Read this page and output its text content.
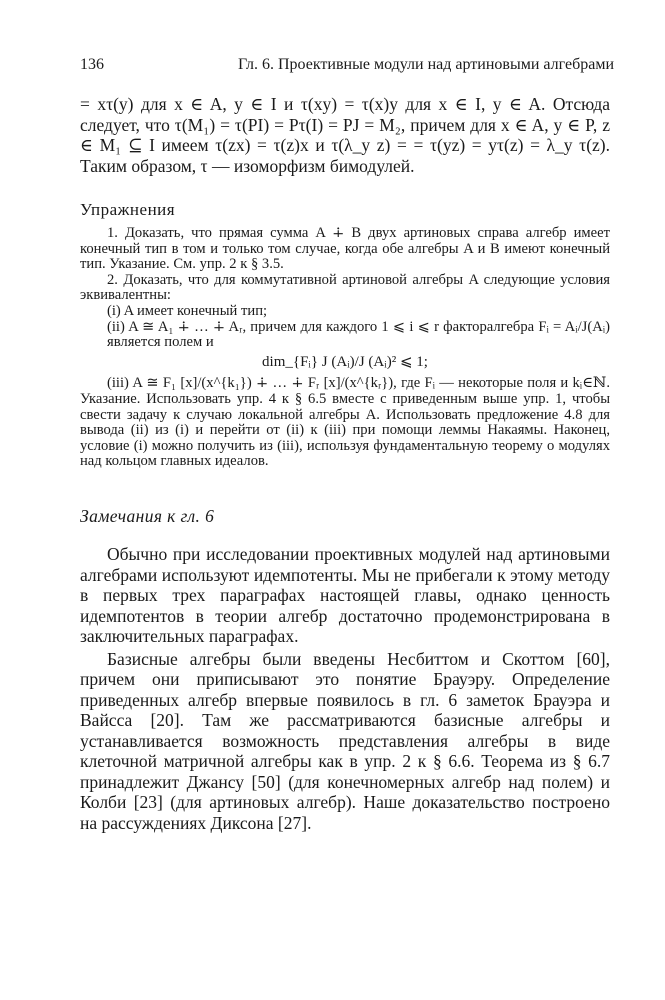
136	Гл. 6. Проективные модули над артиновыми алгебрами

= xτ(y) для x ∈ A, y ∈ I и τ(xy) = τ(x)y для x ∈ I, y ∈ A. Отсюда следует, что τ(M₁) = τ(PI) = Pτ(I) = PJ = M₂, причем для x ∈ A, y ∈ P, z ∈ M₁ ⊆ I имеем τ(zx) = τ(z)x и τ(λ_y z) = = τ(yz) = yτ(z) = λ_y τ(z). Таким образом, τ — изоморфизм бимодулей.

Упражнения

1. Доказать, что прямая сумма A ∔ B двух артиновых справа алгебр имеет конечный тип в том и только том случае, когда обе алгебры A и B имеют конечный тип. Указание. См. упр. 2 к § 3.5.

2. Доказать, что для коммутативной артиновой алгебры A следующие условия эквивалентны:

(i) A имеет конечный тип;

(ii) A ≅ A₁ ∔ … ∔ Aᵣ, причем для каждого 1 ⩽ i ⩽ r факторалгебра Fᵢ = Aᵢ/J(Aᵢ) является полем и

dim_{Fᵢ} J (Aᵢ)/J (Aᵢ)² ⩽ 1;

(iii) A ≅ F₁ [x]/(x^{k₁}) ∔ … ∔ Fᵣ [x]/(x^{kᵣ}), где Fᵢ — некоторые поля и kᵢ∈ℕ. Указание. Использовать упр. 4 к § 6.5 вместе с приведенным выше упр. 1, чтобы свести задачу к случаю локальной алгебры A. Использовать предложение 4.8 для вывода (ii) из (i) и перейти от (ii) к (iii) при помощи леммы Накаямы. Наконец, условие (i) можно получить из (iii), используя фундаментальную теорему о модулях над кольцом главных идеалов.

Замечания к гл. 6

Обычно при исследовании проективных модулей над артиновыми алгебрами используют идемпотенты. Мы не прибегали к этому методу в первых трех параграфах настоящей главы, однако ценность идемпотентов в теории алгебр достаточно продемонстрирована в заключительных параграфах.

Базисные алгебры были введены Несбиттом и Скоттом [60], причем они приписывают это понятие Брауэру. Определение приведенных алгебр впервые появилось в гл. 6 заметок Брауэра и Вайсса [20]. Там же рассматриваются базисные алгебры и устанавливается возможность представления алгебры в виде клеточной матричной алгебры как в упр. 2 к § 6.6. Теорема из § 6.7 принадлежит Джансу [50] (для конечномерных алгебр над полем) и Колби [23] (для артиновых алгебр). Наше доказательство построено на рассуждениях Диксона [27].
